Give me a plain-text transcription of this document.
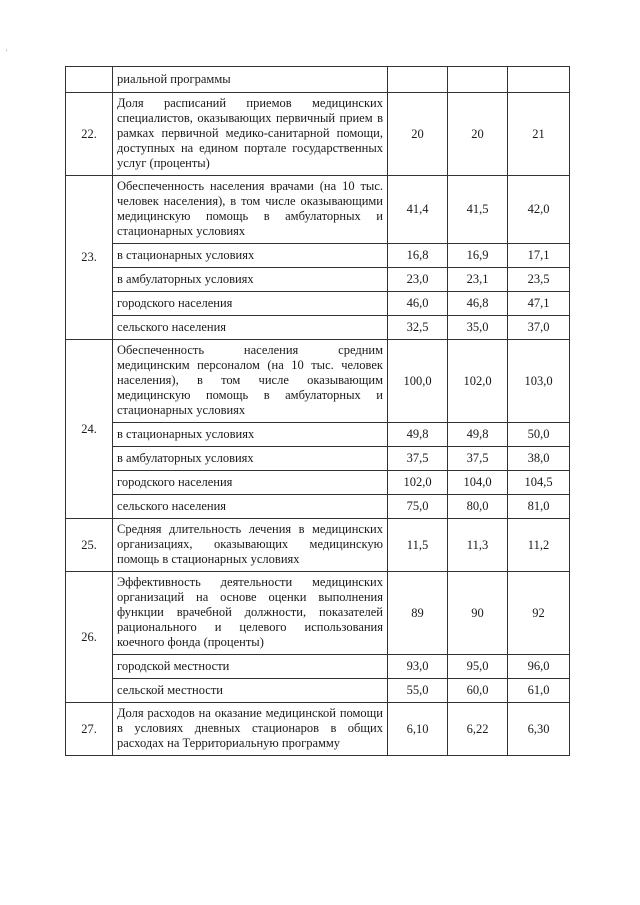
'
	риальной программы			
22.	Доля расписаний приемов медицинских специалистов, оказывающих первичный прием в рамках первичной медико-санитарной помощи, доступных на едином портале государственных услуг (проценты)	20	20	21
23.	Обеспеченность населения врачами (на 10 тыс. человек населения), в том числе оказывающими медицинскую помощь в амбулаторных и стационарных условиях	41,4	41,5	42,0
	в стационарных условиях	16,8	16,9	17,1
	в амбулаторных условиях	23,0	23,1	23,5
	городского населения	46,0	46,8	47,1
	сельского населения	32,5	35,0	37,0
24.	Обеспеченность населения средним медицинским персоналом (на 10 тыс. человек населения), в том числе оказывающим медицинскую помощь в амбулаторных и стационарных условиях	100,0	102,0	103,0
	в стационарных условиях	49,8	49,8	50,0
	в амбулаторных условиях	37,5	37,5	38,0
	городского населения	102,0	104,0	104,5
	сельского населения	75,0	80,0	81,0
25.	Средняя длительность лечения в медицинских организациях, оказывающих медицинскую помощь в стационарных условиях	11,5	11,3	11,2
26.	Эффективность деятельности медицинских организаций на основе оценки выполнения функции врачебной должности, показателей рационального и целевого использования коечного фонда (проценты)	89	90	92
	городской местности	93,0	95,0	96,0
	сельской местности	55,0	60,0	61,0
27.	Доля расходов на оказание медицинской помощи в условиях дневных стационаров в общих расходах на Территориальную программу	6,10	6,22	6,30
